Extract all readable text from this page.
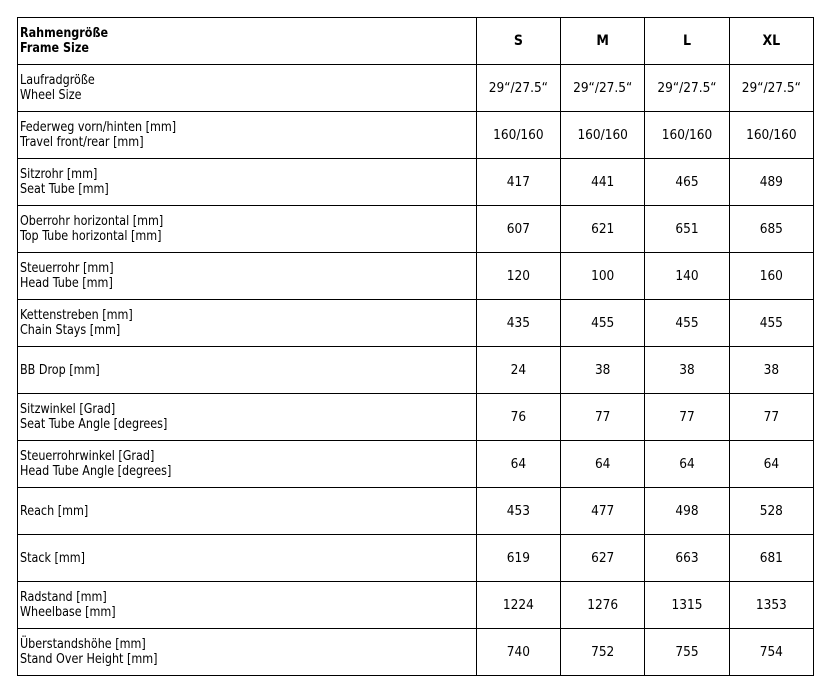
Rahmengröße
Frame Size	S	M	L	XL

Laufradgröße
Wheel Size	29“/27.5“	29“/27.5“	29“/27.5“	29“/27.5“

Federweg vorn/hinten [mm]
Travel front/rear [mm]	160/160	160/160	160/160	160/160

Sitzrohr [mm]
Seat Tube [mm]	417	441	465	489

Oberrohr horizontal [mm]
Top Tube horizontal [mm]	607	621	651	685

Steuerrohr [mm]
Head Tube [mm]	120	100	140	160

Kettenstreben [mm]
Chain Stays [mm]	435	455	455	455

BB Drop [mm]	24	38	38	38

Sitzwinkel [Grad]
Seat Tube Angle [degrees]	76	77	77	77

Steuerrohrwinkel [Grad]
Head Tube Angle [degrees]	64	64	64	64

Reach [mm]	453	477	498	528

Stack [mm]	619	627	663	681

Radstand [mm]
Wheelbase [mm]	1224	1276	1315	1353

Überstandshöhe [mm]
Stand Over Height [mm]	740	752	755	754
